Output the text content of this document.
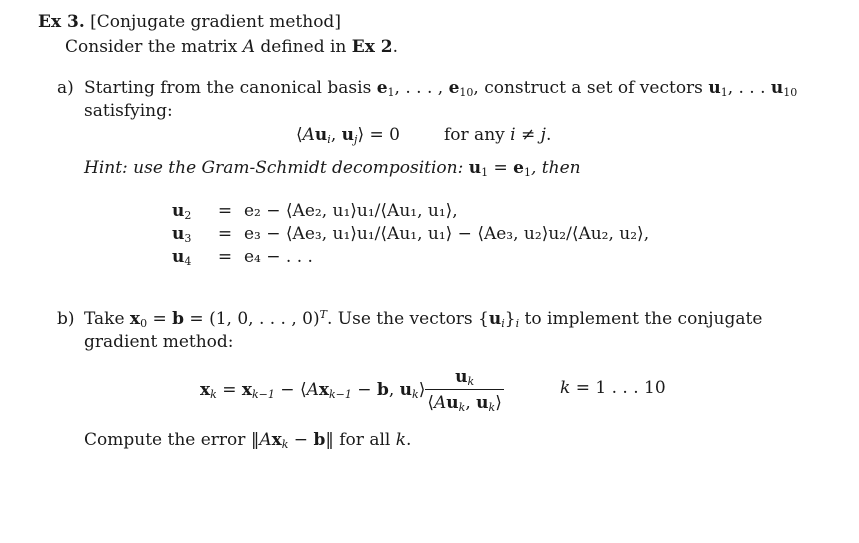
Ex 3. [Conjugate gradient method]
Consider the matrix A defined in Ex 2.
a) Starting from the canonical basis $e_1$, . . . , $e_{10}$, construct a set of vectors $u_1$, . . . $u_{10}$
satisfying:
$⟨Au_i$, $u_j⟩ = 0$	for any i ≠ j.
Hint: use the Gram-Schmidt decomposition: $u_1 = e_1$, then
$u_2$	=	e₂ − ⟨Ae₂, u₁⟩u₁/⟨Au₁, u₁⟩,
$u_3$	=	e₃ − ⟨Ae₃, u₁⟩u₁/⟨Au₁, u₁⟩ − ⟨Ae₃, u₂⟩u₂/⟨Au₂, u₂⟩,
$u_4$	=	e₄ − . . .
b) Take $x_0 = b = (1$, 0, . . . , 0)$^T$. Use the vectors $\{u_i\}_i$ to implement the conjugate
gradient method:
$x_k = x_{k-1}$ − $⟨Ax_{k-1} - b$, $u_k⟩ \frac{u_k}{⟨Au_k, u_k⟩}$	k = 1 . . . 10
Compute the error $‖Ax_k$ − b‖ for all k.
